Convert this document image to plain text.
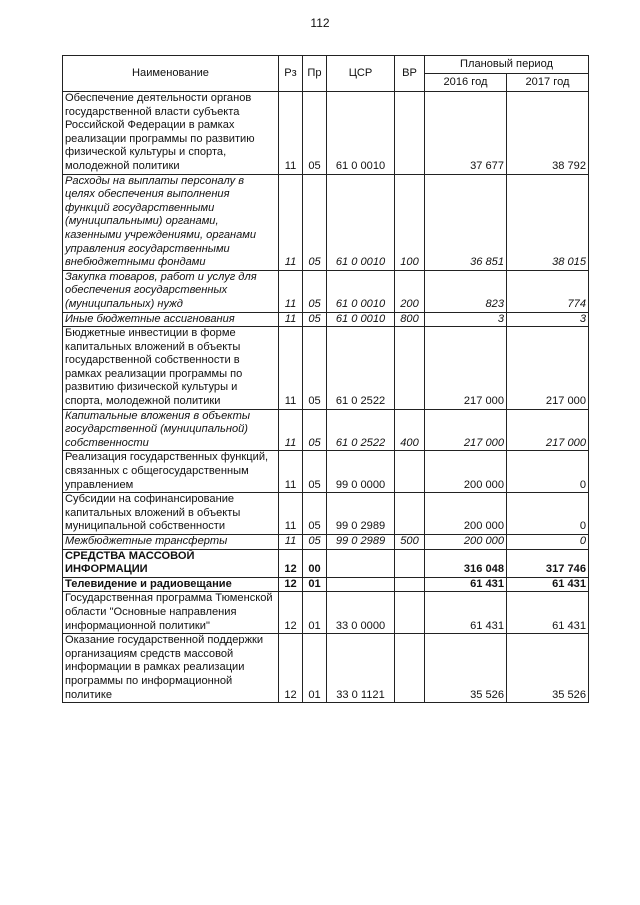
112
Наименование	Рз	Пр	ЦСР	ВР	Плановый период	
					2016 год	2017 год
Обеспечение деятельности органов государственной власти субъекта Российской Федерации в рамках реализации программы по развитию физической культуры и спорта, молодежной политики	11	05	61 0 0010		37 677	38 792
Расходы на выплаты персоналу в целях обеспечения выполнения функций государственными (муниципальными) органами, казенными учреждениями, органами управления государственными внебюджетными фондами	11	05	61 0 0010	100	36 851	38 015
Закупка товаров, работ и услуг для обеспечения государственных (муниципальных) нужд	11	05	61 0 0010	200	823	774
Иные бюджетные ассигнования	11	05	61 0 0010	800	3	3
Бюджетные инвестиции в форме капитальных вложений в объекты государственной собственности в рамках реализации программы по развитию физической культуры и спорта, молодежной политики	11	05	61 0 2522		217 000	217 000
Капитальные вложения в объекты государственной (муниципальной) собственности	11	05	61 0 2522	400	217 000	217 000
Реализация государственных функций, связанных с общегосударственным управлением	11	05	99 0 0000		200 000	0
Субсидии на софинансирование капитальных вложений в объекты муниципальной собственности	11	05	99 0 2989		200 000	0
Межбюджетные трансферты	11	05	99 0 2989	500	200 000	0
СРЕДСТВА МАССОВОЙ ИНФОРМАЦИИ	12	00			316 048	317 746
Телевидение и радиовещание	12	01			61 431	61 431
Государственная программа Тюменской области "Основные направления информационной политики"	12	01	33 0 0000		61 431	61 431
Оказание государственной поддержки организациям средств массовой информации в рамках реализации программы по информационной политике	12	01	33 0 1121		35 526	35 526
